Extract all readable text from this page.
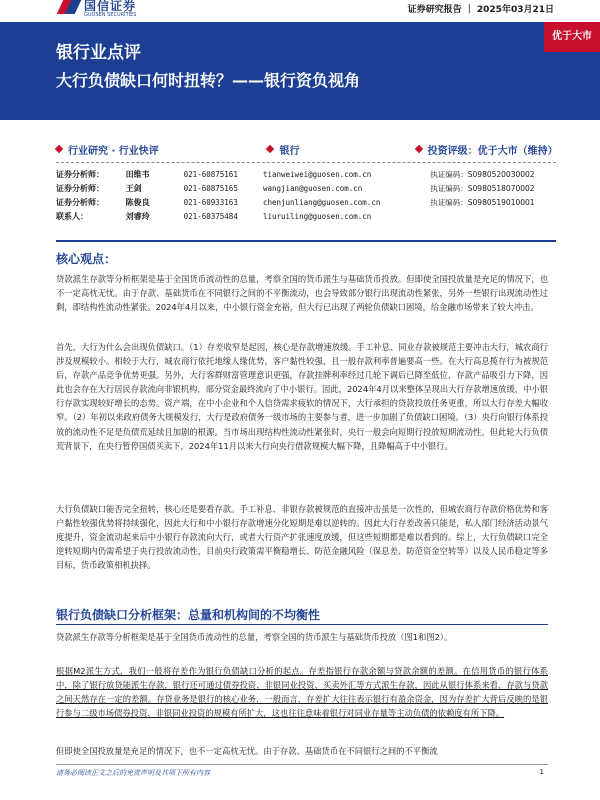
国信证券
GUOSEN SECURITIES	证券研究报告 ｜ 2025年03月21日
银行业点评
大行负债缺口何时扭转？——银行资负视角
优于大市
行业研究 · 行业快评	银行	投资评级：优于大市（维持）
证券分析师：	田维韦	021-60875161	tianweiwei@guosen.com.cn	执证编码：S0980520030002
证券分析师：	王剑	021-60875165	wangjian@guosen.com.cn	执证编码：S0980518070002
证券分析师：	陈俊良	021-60933163	chenjunliang@guosen.com.cn	执证编码：S0980519010001
联系人：	刘睿玲	021-60375484	liuruiling@guosen.com.cn
核心观点：
贷款派生存款等分析框架是基于全国货币流动性的总量，考察全国的货币派生与基础货币投放。但即使全国投放量是充足的情况下，也不一定高枕无忧。由于存款、基础货币在不同银行之间的不平衡流动，也会导致部分银行出现流动性紧张，另外一些银行出现流动性过剩，即结构性流动性紧张。2024年4月以来，中小银行资金充裕，但大行已出现了两轮负债缺口困境，给金融市场带来了较大冲击。
首先，大行为什么会出现负债缺口。（1）存差收窄是起因，核心是存款增速放缓。手工补息、同业存款被规范主要冲击大行，城农商行涉及规模较小。相较于大行，城农商行依托地缘人缘优势，客户黏性较强，且一般存款利率普遍要高一些。在大行高息揽存行为被规范后，存款产品竞争优势更强。另外，大行客群财富管理意识更强，存款挂牌利率经过几轮下调后已降至低位，存款产品吸引力下降，因此也会存在大行居民存款流向非银机构，部分资金最终流向了中小银行。因此，2024年4月以来整体呈现出大行存款增速放缓，中小银行存款实现较好增长的态势。资产端，在中小企业和个人信贷需求疲软的情况下，大行承担的贷款投放任务更重，所以大行存差大幅收窄。（2）年初以来政府债务大规模发行，大行是政府债务一级市场的主要参与者，进一步加剧了负债缺口困境。（3）央行向银行体系投放的流动性不足是负债荒延续且加剧的根源。当市场出现结构性流动性紧张时，央行一般会向短期行投放短期流动性。但此轮大行负债荒背景下，在央行暂停国债买卖下，2024年11月以来大行向央行借款规模大幅下降，且降幅高于中小银行。
大行负债缺口能否完全扭转，核心还是要看存款。手工补息、非银存款被规范的直接冲击虽是一次性的，但城农商行存款价格优势和客户黏性较强优势将持续强化，因此大行和中小银行存款增速分化短期是难以逆转的。因此大行存差改善只能是，私人部门经济活动景气度提升，资金流动起来后中小银行存款流向大行，或者大行资产扩张速度放缓，但这些短期都是难以看到的。综上，大行负债缺口完全逆转短期内仍需希望于央行投放流动性，目前央行政策需平衡稳增长、防范金融风险（保息差、防范资金空转等）以及人民币稳定等多目标，货币政策相机抉择。
银行负债缺口分析框架：总量和机构间的不均衡性
贷款派生存款等分析框架是基于全国货币流动性的总量，考察全国的货币派生与基础货币投放（图1和图2）。
根据M2派生方式，我们一般将存差作为银行负债缺口分析的起点。存差指银行存款余额与贷款余额的差额。在信用货币的银行体系中，除了银行放贷能派生存款，银行还可通过债券投资、非银同业投资、买卖外汇等方式派生存款，因此从银行体系来看，存款与贷款之间天然存在一定的差额。存贷业务是银行的核心业务，一般而言，存差扩大往往表示银行有盈余资金，因为存差扩大背后反映的是银行参与二级市场债券投资、非银同业投资的规模有所扩大，这也往往意味着银行对同业存量等主动负债的依赖度有所下降。
但即使全国投放量是充足的情况下，也不一定高枕无忧。由于存款、基础货币在不同银行之间的不平衡流
请务必阅读正文之后的免责声明及其项下所有内容	1
